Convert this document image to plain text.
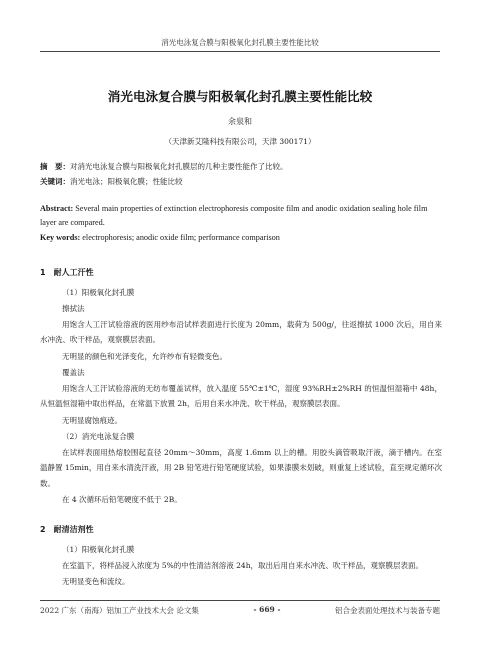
消光电泳复合膜与阳极氧化封孔膜主要性能比较
消光电泳复合膜与阳极氧化封孔膜主要性能比较
余泉和
（天津新艾隆科技有限公司，天津 300171）
摘　要：对消光电泳复合膜与阳极氧化封孔膜层的几种主要性能作了比较。
关键词：消光电泳；阳极氧化膜；性能比较
Abstract: Several main properties of extinction electrophoresis composite film and anodic oxidation sealing hole film layer are compared.
Key words: electrophoresis; anodic oxide film; performance comparison
1　耐人工汗性
（1）阳极氧化封孔膜
擦拭法
用饱含人工汗试验溶液的医用纱布沿试样表面进行长度为 20mm，载荷为 500g/，往返擦拭 1000 次后，用自来水冲洗、吹干样品，观察膜层表面。
无明显的颜色和光泽变化，允许纱布有轻微变色。
覆盖法
用饱含人工汗试验溶液的无纺布覆盖试样，放入温度 55℃±1℃，湿度 93%RH±2%RH 的恒温恒湿箱中 48h，从恒温恒湿箱中取出样品，在常温下放置 2h，后用自来水冲洗、吹干样品，观察膜层表面。
无明显腐蚀痕迹。
（2）消光电泳复合膜
在试样表面用热熔胶围起直径 20mm～30mm，高度 1.6mm 以上的槽。用胶头滴管吸取汗液，滴于槽内。在室温静置 15min，用自来水清洗汗液，用 2B 铅笔进行铅笔硬度试验，如果漆膜未划破，则重复上述试验，直至规定循环次数。
在 4 次循环后铅笔硬度不低于 2B。
2　耐清洁剂性
（1）阳极氧化封孔膜
在室温下，将样品浸入浓度为 5%的中性清洁剂溶液 24h，取出后用自来水冲洗、吹干样品，观察膜层表面。
无明显变色和流纹。
2022 广东（南海）铝加工产业技术大会 论文集	- 669 -	铝合金表面处理技术与装备专题
